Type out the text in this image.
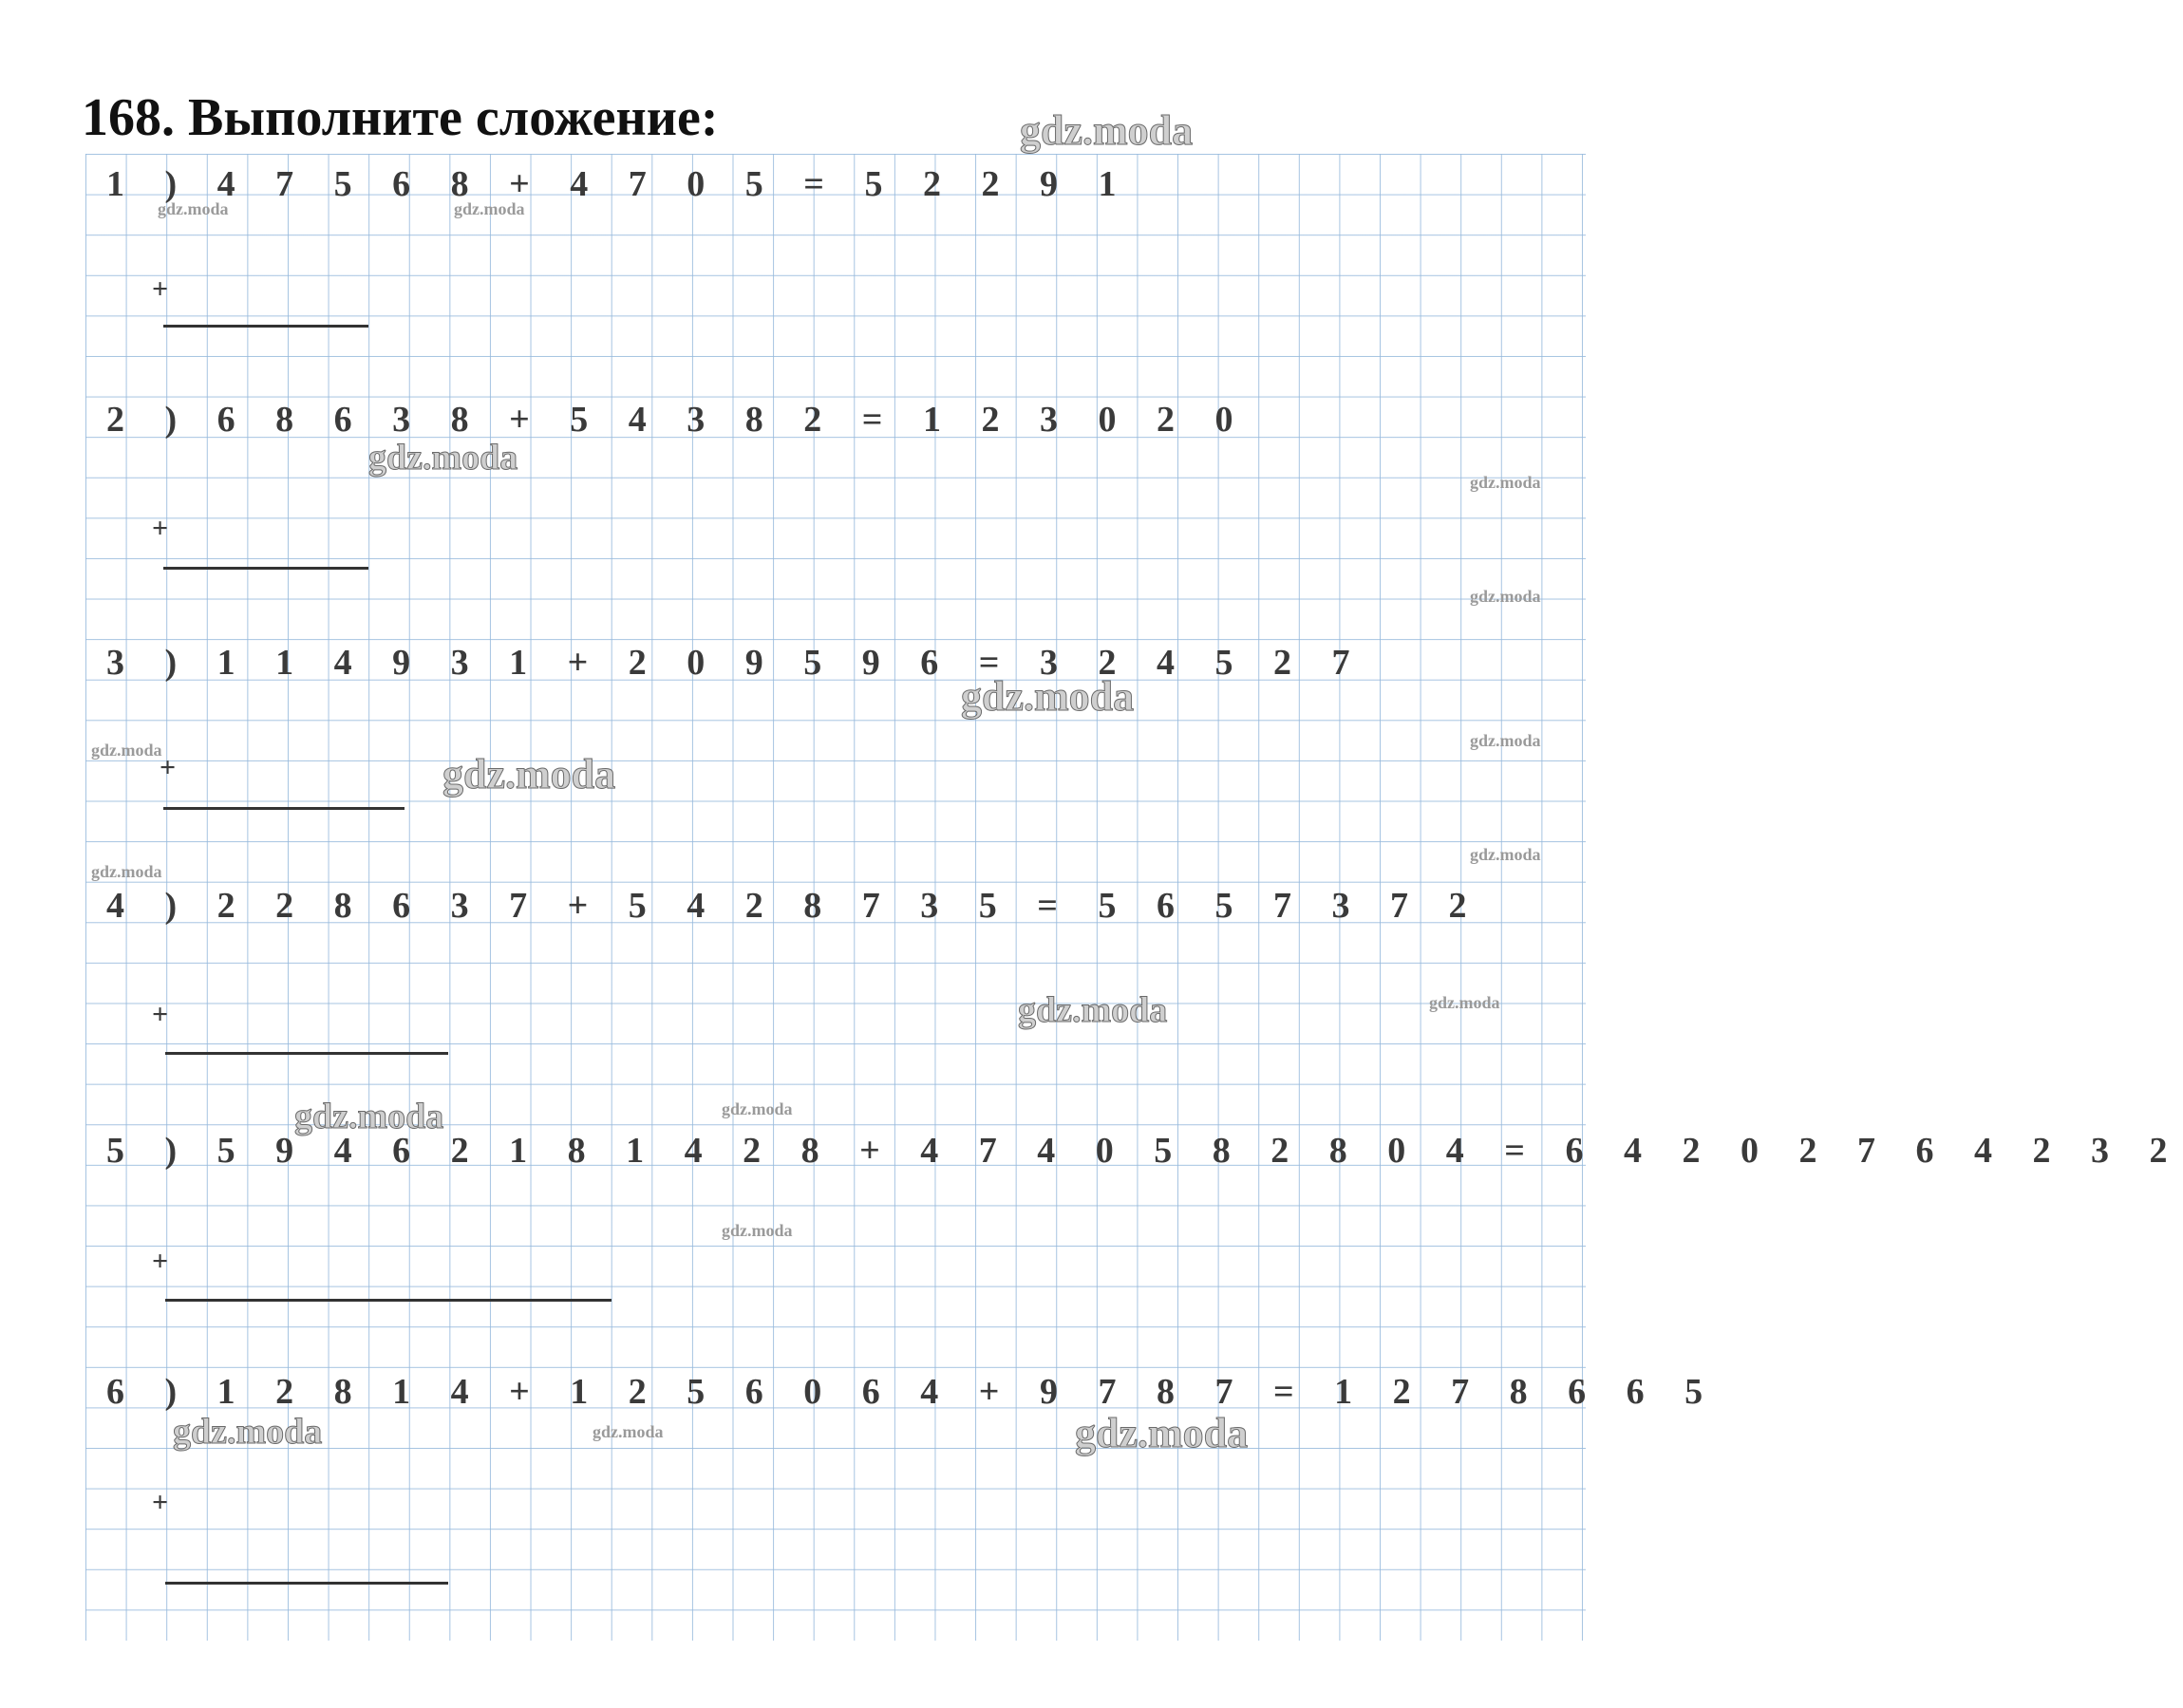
168. Выполните сложение:	gdz.moda
gdz.moda	gdz.moda
gdz.moda
gdz.moda
gdz.moda
gdz.moda
gdz.moda	gdz.moda
gdz.moda
gdz.moda
gdz.moda
gdz.moda	gdz.moda
gdz.moda
gdz.moda
gdz.moda
gdz.moda	gdz.moda	gdz.moda
1 ) 4 7 5 6 8 + 4 7 0 5 = 5 2 2 9 1
+
2 ) 6 8 6 3 8 + 5 4 3 8 2 = 1 2 3 0 2 0
+
3 ) 1 1 4 9 3 1 + 2 0 9 5 9 6 = 3 2 4 5 2 7
+
4 ) 2 2 8 6 3 7 + 5 4 2 8 7 3 5 = 5 6 5 7 3 7 2
+
5 ) 5 9 4 6 2 1 8 1 4 2 8 + 4 7 4 0 5 8 2 8 0 4 = 6 4 2 0 2 7 6 4 2 3 2
+
6 ) 1 2 8 1 4 + 1 2 5 6 0 6 4 + 9 7 8 7 = 1 2 7 8 6 6 5
+
